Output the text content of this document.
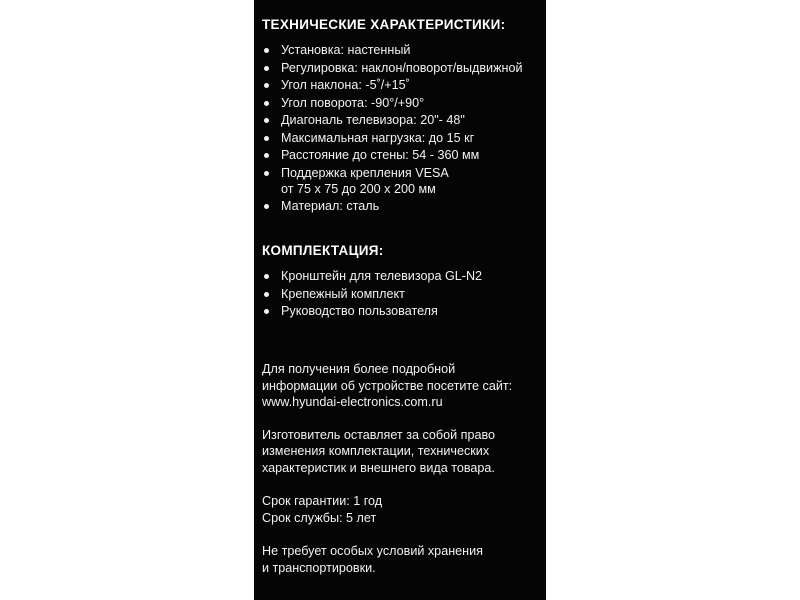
ТЕХНИЧЕСКИЕ ХАРАКТЕРИСТИКИ:
Установка: настенный
Регулировка: наклон/поворот/выдвижной
Угол наклона: -5˚/+15˚
Угол поворота: -90°/+90°
Диагональ телевизора: 20"- 48"
Максимальная нагрузка: до 15 кг
Расстояние до стены: 54 - 360 мм
Поддержка крепления VESA
от 75 х 75 до 200 х 200 мм
Материал: сталь
КОМПЛЕКТАЦИЯ:
Кронштейн для телевизора GL-N2
Крепежный комплект
Руководство пользователя

Для получения более подробной
информации об устройстве посетите сайт:
www.hyundai-electronics.com.ru

Изготовитель оставляет за собой право
изменения комплектации, технических
характеристик и внешнего вида товара.

Срок гарантии: 1 год
Срок службы: 5 лет

Не требует особых условий хранения
и транспортировки.
